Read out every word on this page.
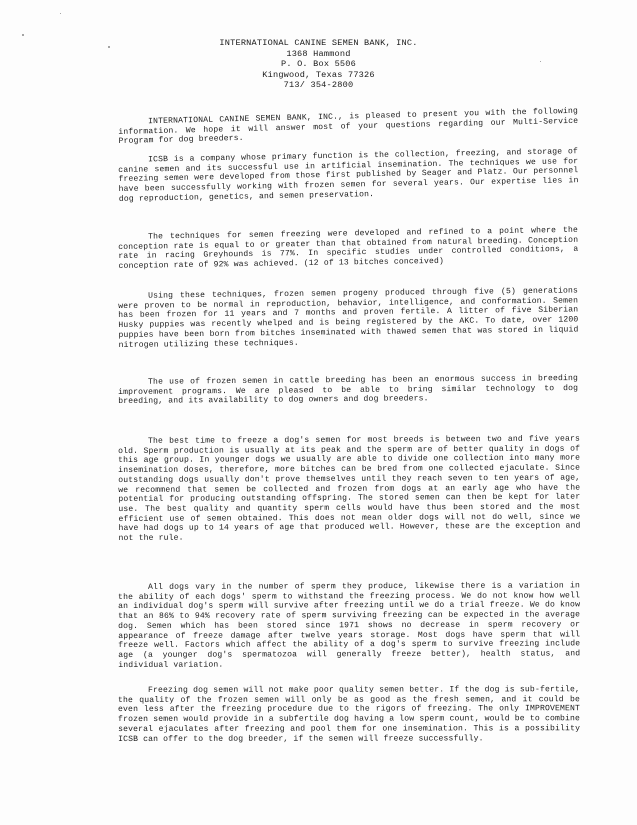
INTERNATIONAL CANINE SEMEN BANK, INC.
1368 Hammond
P. O. Box 5506
Kingwood, Texas 77326
713/ 354-2800

INTERNATIONAL CANINE SEMEN BANK, INC., is pleased to present you with the following information. We hope it will answer most of your questions regarding our Multi-Service Program for dog breeders.

ICSB is a company whose primary function is the collection, freezing, and storage of canine semen and its successful use in artificial insemination. The techniques we use for freezing semen were developed from those first published by Seager and Platz. Our personnel have been successfully working with frozen semen for several years. Our expertise lies in dog reproduction, genetics, and semen preservation.

The techniques for semen freezing were developed and refined to a point where the conception rate is equal to or greater than that obtained from natural breeding. Conception rate in racing Greyhounds is 77%. In specific studies under controlled conditions, a conception rate of 92% was achieved. (12 of 13 bitches conceived)

Using these techniques, frozen semen progeny produced through five (5) generations were proven to be normal in reproduction, behavior, intelligence, and conformation. Semen has been frozen for 11 years and 7 months and proven fertile. A litter of five Siberian Husky puppies was recently whelped and is being registered by the AKC. To date, over 1200 puppies have been born from bitches inseminated with thawed semen that was stored in liquid nitrogen utilizing these techniques.

The use of frozen semen in cattle breeding has been an enormous success in breeding improvement programs. We are pleased to be able to bring similar technology to dog breeding, and its availability to dog owners and dog breeders.

The best time to freeze a dog's semen for most breeds is between two and five years old. Sperm production is usually at its peak and the sperm are of better quality in dogs of this age group. In younger dogs we usually are able to divide one collection into many more insemination doses, therefore, more bitches can be bred from one collected ejaculate. Since outstanding dogs usually don't prove themselves until they reach seven to ten years of age, we recommend that semen be collected and frozen from dogs at an early age who have the potential for producing outstanding offspring. The stored semen can then be kept for later use. The best quality and quantity sperm cells would have thus been stored and the most efficient use of semen obtained. This does not mean older dogs will not do well, since we have had dogs up to 14 years of age that produced well. However, these are the exception and not the rule.

All dogs vary in the number of sperm they produce, likewise there is a variation in the ability of each dogs' sperm to withstand the freezing process. We do not know how well an individual dog's sperm will survive after freezing until we do a trial freeze. We do know that an 86% to 94% recovery rate of sperm surviving freezing can be expected in the average dog. Semen which has been stored since 1971 shows no decrease in sperm recovery or appearance of freeze damage after twelve years storage. Most dogs have sperm that will freeze well. Factors which affect the ability of a dog's sperm to survive freezing include age (a younger dog's spermatozoa will generally freeze better), health status, and individual variation.

Freezing dog semen will not make poor quality semen better. If the dog is sub-fertile, the quality of the frozen semen will only be as good as the fresh semen, and it could be even less after the freezing procedure due to the rigors of freezing. The only IMPROVEMENT frozen semen would provide in a subfertile dog having a low sperm count, would be to combine several ejaculates after freezing and pool them for one insemination. This is a possibility ICSB can offer to the dog breeder, if the semen will freeze successfully.
